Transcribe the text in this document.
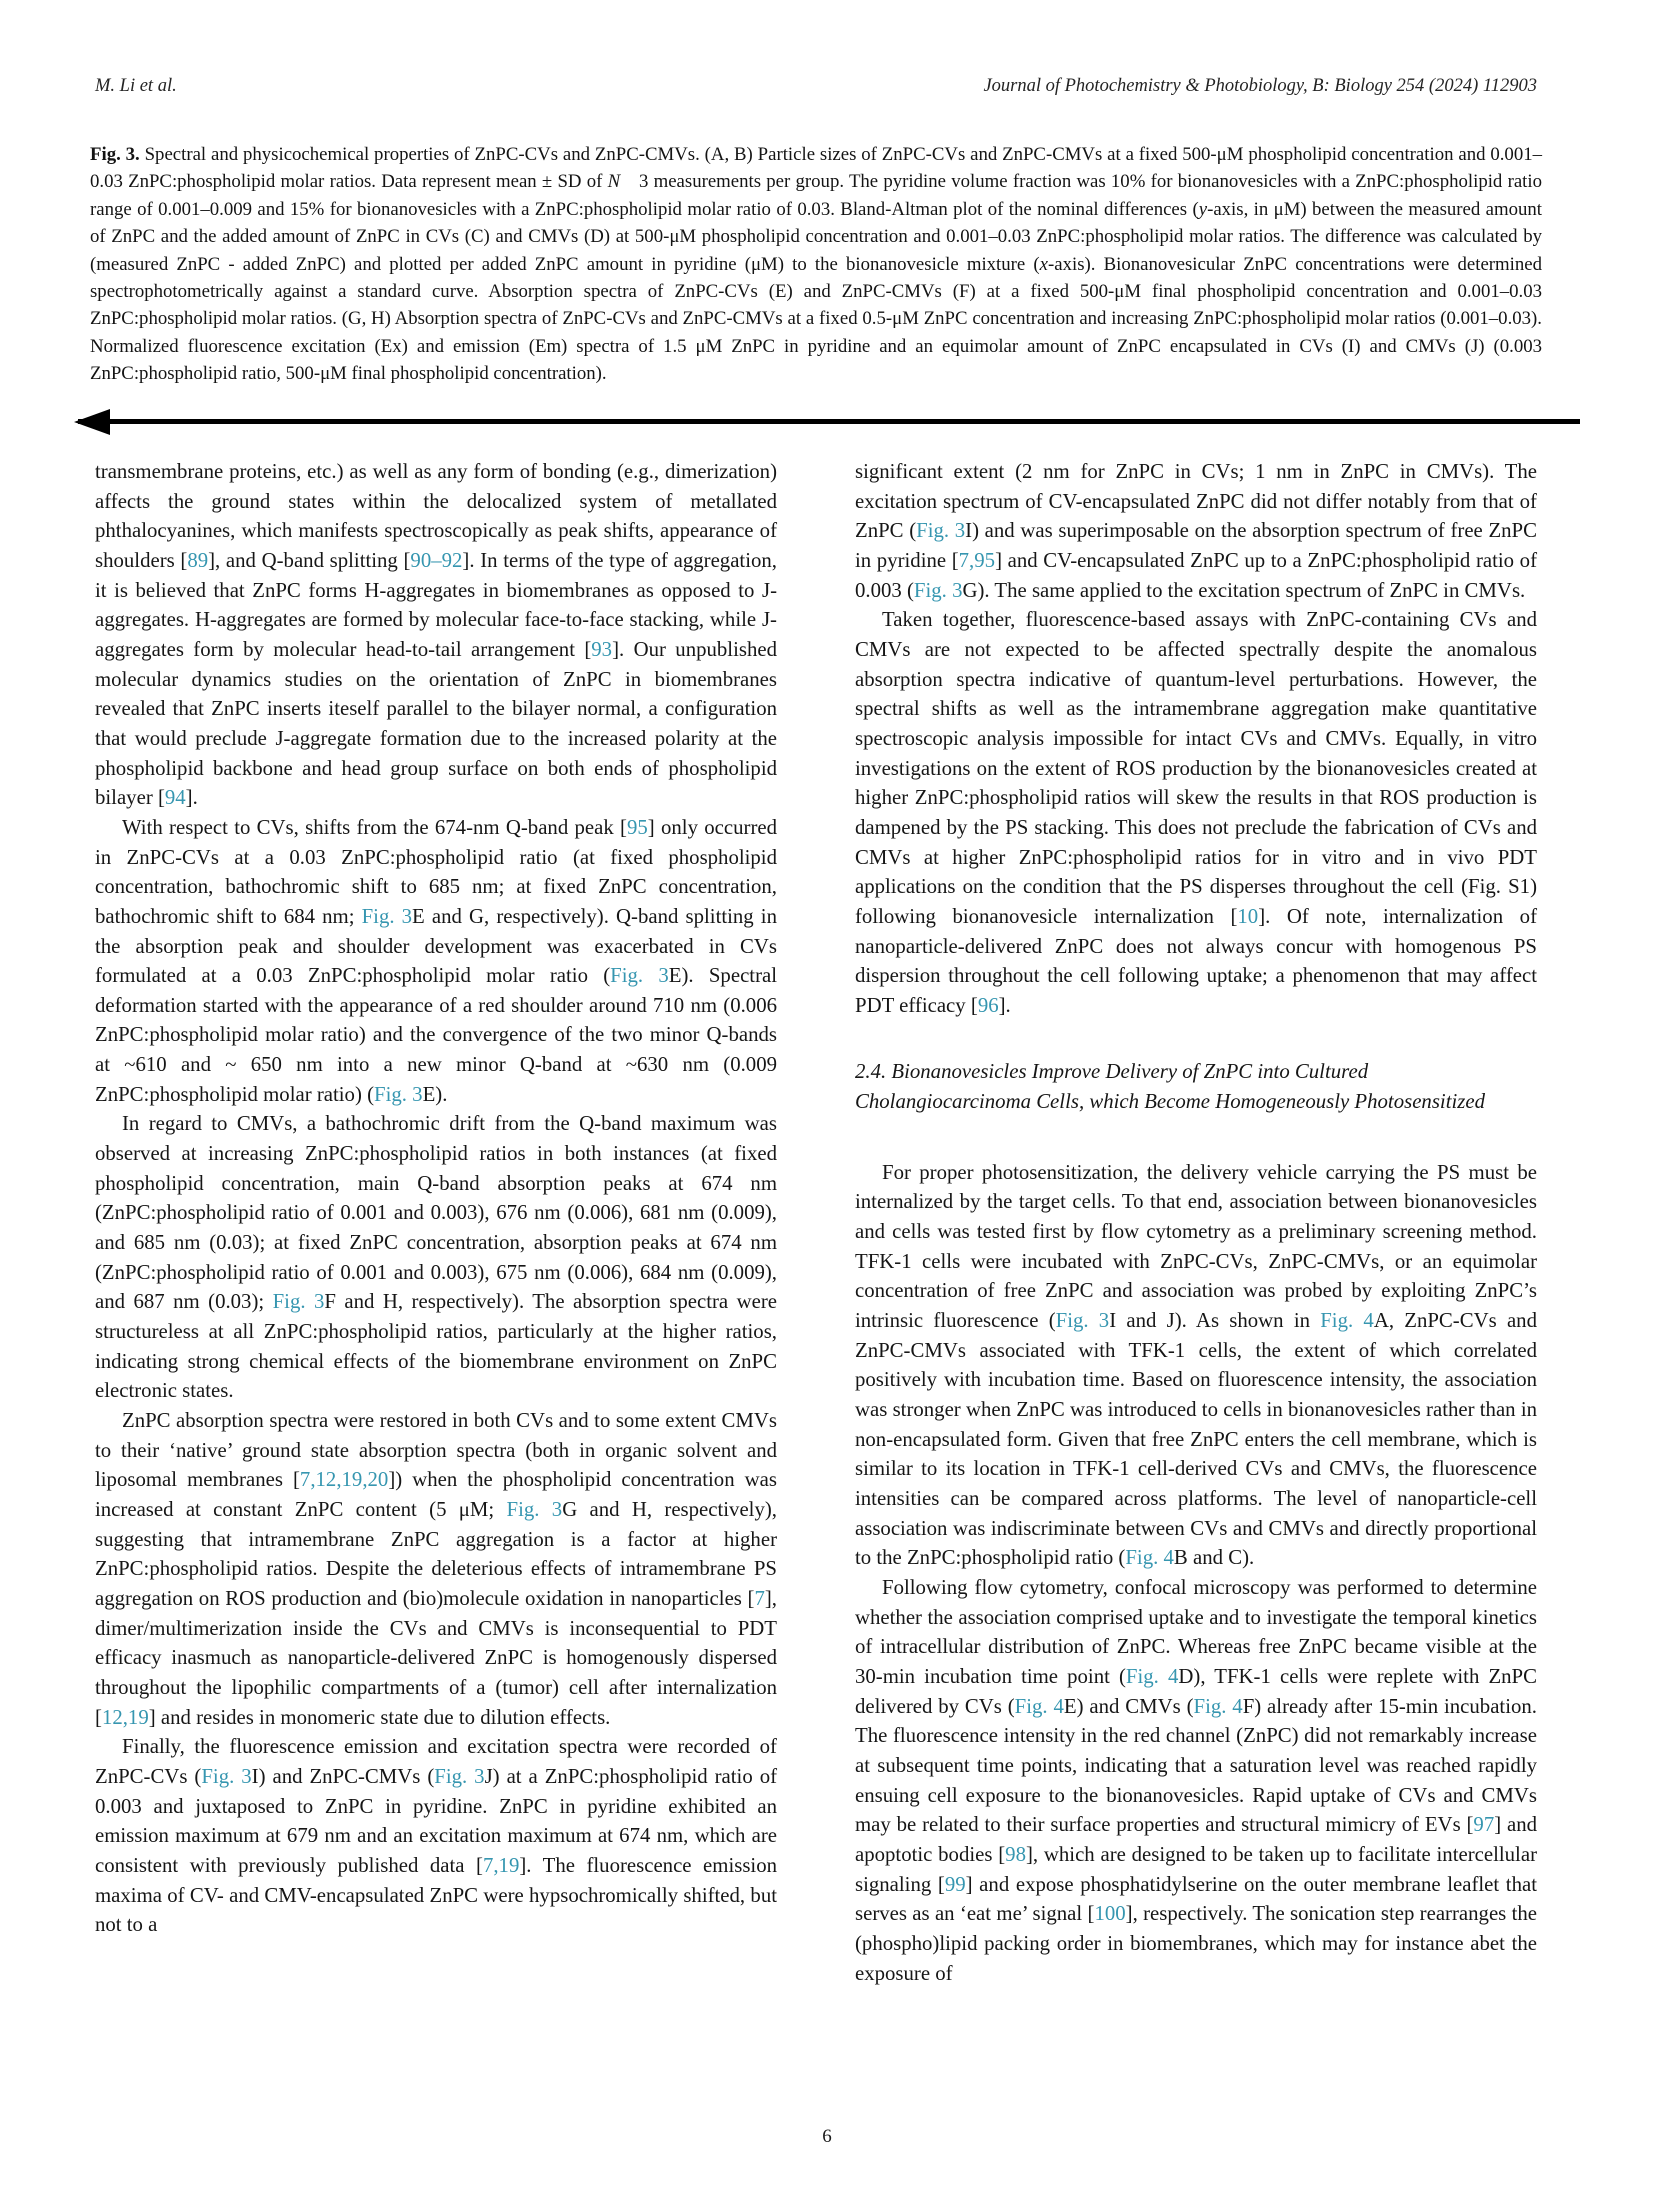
M. Li et al.	Journal of Photochemistry & Photobiology, B: Biology 254 (2024) 112903
Fig. 3. Spectral and physicochemical properties of ZnPC-CVs and ZnPC-CMVs. (A, B) Particle sizes of ZnPC-CVs and ZnPC-CMVs at a fixed 500-μM phospholipid concentration and 0.001–0.03 ZnPC:phospholipid molar ratios. Data represent mean ± SD of N  3 measurements per group. The pyridine volume fraction was 10% for bionanovesicles with a ZnPC:phospholipid ratio range of 0.001–0.009 and 15% for bionanovesicles with a ZnPC:phospholipid molar ratio of 0.03. Bland-Altman plot of the nominal differences (y-axis, in μM) between the measured amount of ZnPC and the added amount of ZnPC in CVs (C) and CMVs (D) at 500-μM phospholipid concentration and 0.001–0.03 ZnPC:phospholipid molar ratios. The difference was calculated by (measured ZnPC - added ZnPC) and plotted per added ZnPC amount in pyridine (μM) to the bionanovesicle mixture (x-axis). Bionanovesicular ZnPC concentrations were determined spectrophotometrically against a standard curve. Absorption spectra of ZnPC-CVs (E) and ZnPC-CMVs (F) at a fixed 500-μM final phospholipid concentration and 0.001–0.03 ZnPC:phospholipid molar ratios. (G, H) Absorption spectra of ZnPC-CVs and ZnPC-CMVs at a fixed 0.5-μM ZnPC concentration and increasing ZnPC:phospholipid molar ratios (0.001–0.03). Normalized fluorescence excitation (Ex) and emission (Em) spectra of 1.5 μM ZnPC in pyridine and an equimolar amount of ZnPC encapsulated in CVs (I) and CMVs (J) (0.003 ZnPC:phospholipid ratio, 500-μM final phospholipid concentration).
transmembrane proteins, etc.) as well as any form of bonding (e.g., dimerization) affects the ground states within the delocalized system of metallated phthalocyanines, which manifests spectroscopically as peak shifts, appearance of shoulders [89], and Q-band splitting [90–92]. In terms of the type of aggregation, it is believed that ZnPC forms H-aggregates in biomembranes as opposed to J-aggregates. H-aggregates are formed by molecular face-to-face stacking, while J-aggregates form by molecular head-to-tail arrangement [93]. Our unpublished molecular dynamics studies on the orientation of ZnPC in biomembranes revealed that ZnPC inserts iteself parallel to the bilayer normal, a configuration that would preclude J-aggregate formation due to the increased polarity at the phospholipid backbone and head group surface on both ends of phospholipid bilayer [94].
With respect to CVs, shifts from the 674-nm Q-band peak [95] only occurred in ZnPC-CVs at a 0.03 ZnPC:phospholipid ratio (at fixed phospholipid concentration, bathochromic shift to 685 nm; at fixed ZnPC concentration, bathochromic shift to 684 nm; Fig. 3E and G, respectively). Q-band splitting in the absorption peak and shoulder development was exacerbated in CVs formulated at a 0.03 ZnPC:phospholipid molar ratio (Fig. 3E). Spectral deformation started with the appearance of a red shoulder around 710 nm (0.006 ZnPC:phospholipid molar ratio) and the convergence of the two minor Q-bands at ~610 and ~ 650 nm into a new minor Q-band at ~630 nm (0.009 ZnPC:phospholipid molar ratio) (Fig. 3E).
In regard to CMVs, a bathochromic drift from the Q-band maximum was observed at increasing ZnPC:phospholipid ratios in both instances (at fixed phospholipid concentration, main Q-band absorption peaks at 674 nm (ZnPC:phospholipid ratio of 0.001 and 0.003), 676 nm (0.006), 681 nm (0.009), and 685 nm (0.03); at fixed ZnPC concentration, absorption peaks at 674 nm (ZnPC:phospholipid ratio of 0.001 and 0.003), 675 nm (0.006), 684 nm (0.009), and 687 nm (0.03); Fig. 3F and H, respectively). The absorption spectra were structureless at all ZnPC:phospholipid ratios, particularly at the higher ratios, indicating strong chemical effects of the biomembrane environment on ZnPC electronic states.
ZnPC absorption spectra were restored in both CVs and to some extent CMVs to their ‘native’ ground state absorption spectra (both in organic solvent and liposomal membranes [7,12,19,20]) when the phospholipid concentration was increased at constant ZnPC content (5 μM; Fig. 3G and H, respectively), suggesting that intramembrane ZnPC aggregation is a factor at higher ZnPC:phospholipid ratios. Despite the deleterious effects of intramembrane PS aggregation on ROS production and (bio)molecule oxidation in nanoparticles [7], dimer/multimerization inside the CVs and CMVs is inconsequential to PDT efficacy inasmuch as nanoparticle-delivered ZnPC is homogenously dispersed throughout the lipophilic compartments of a (tumor) cell after internalization [12,19] and resides in monomeric state due to dilution effects.
Finally, the fluorescence emission and excitation spectra were recorded of ZnPC-CVs (Fig. 3I) and ZnPC-CMVs (Fig. 3J) at a ZnPC:phospholipid ratio of 0.003 and juxtaposed to ZnPC in pyridine. ZnPC in pyridine exhibited an emission maximum at 679 nm and an excitation maximum at 674 nm, which are consistent with previously published data [7,19]. The fluorescence emission maxima of CV- and CMV-encapsulated ZnPC were hypsochromically shifted, but not to a
significant extent (2 nm for ZnPC in CVs; 1 nm in ZnPC in CMVs). The excitation spectrum of CV-encapsulated ZnPC did not differ notably from that of ZnPC (Fig. 3I) and was superimposable on the absorption spectrum of free ZnPC in pyridine [7,95] and CV-encapsulated ZnPC up to a ZnPC:phospholipid ratio of 0.003 (Fig. 3G). The same applied to the excitation spectrum of ZnPC in CMVs.
Taken together, fluorescence-based assays with ZnPC-containing CVs and CMVs are not expected to be affected spectrally despite the anomalous absorption spectra indicative of quantum-level perturbations. However, the spectral shifts as well as the intramembrane aggregation make quantitative spectroscopic analysis impossible for intact CVs and CMVs. Equally, in vitro investigations on the extent of ROS production by the bionanovesicles created at higher ZnPC:phospholipid ratios will skew the results in that ROS production is dampened by the PS stacking. This does not preclude the fabrication of CVs and CMVs at higher ZnPC:phospholipid ratios for in vitro and in vivo PDT applications on the condition that the PS disperses throughout the cell (Fig. S1) following bionanovesicle internalization [10]. Of note, internalization of nanoparticle-delivered ZnPC does not always concur with homogenous PS dispersion throughout the cell following uptake; a phenomenon that may affect PDT efficacy [96].
2.4. Bionanovesicles Improve Delivery of ZnPC into Cultured Cholangiocarcinoma Cells, which Become Homogeneously Photosensitized
For proper photosensitization, the delivery vehicle carrying the PS must be internalized by the target cells. To that end, association between bionanovesicles and cells was tested first by flow cytometry as a preliminary screening method. TFK-1 cells were incubated with ZnPC-CVs, ZnPC-CMVs, or an equimolar concentration of free ZnPC and association was probed by exploiting ZnPC’s intrinsic fluorescence (Fig. 3I and J). As shown in Fig. 4A, ZnPC-CVs and ZnPC-CMVs associated with TFK-1 cells, the extent of which correlated positively with incubation time. Based on fluorescence intensity, the association was stronger when ZnPC was introduced to cells in bionanovesicles rather than in non-encapsulated form. Given that free ZnPC enters the cell membrane, which is similar to its location in TFK-1 cell-derived CVs and CMVs, the fluorescence intensities can be compared across platforms. The level of nanoparticle-cell association was indiscriminate between CVs and CMVs and directly proportional to the ZnPC:phospholipid ratio (Fig. 4B and C).
Following flow cytometry, confocal microscopy was performed to determine whether the association comprised uptake and to investigate the temporal kinetics of intracellular distribution of ZnPC. Whereas free ZnPC became visible at the 30-min incubation time point (Fig. 4D), TFK-1 cells were replete with ZnPC delivered by CVs (Fig. 4E) and CMVs (Fig. 4F) already after 15-min incubation. The fluorescence intensity in the red channel (ZnPC) did not remarkably increase at subsequent time points, indicating that a saturation level was reached rapidly ensuing cell exposure to the bionanovesicles. Rapid uptake of CVs and CMVs may be related to their surface properties and structural mimicry of EVs [97] and apoptotic bodies [98], which are designed to be taken up to facilitate intercellular signaling [99] and expose phosphatidylserine on the outer membrane leaflet that serves as an ‘eat me’ signal [100], respectively. The sonication step rearranges the (phospho)lipid packing order in biomembranes, which may for instance abet the exposure of
6
